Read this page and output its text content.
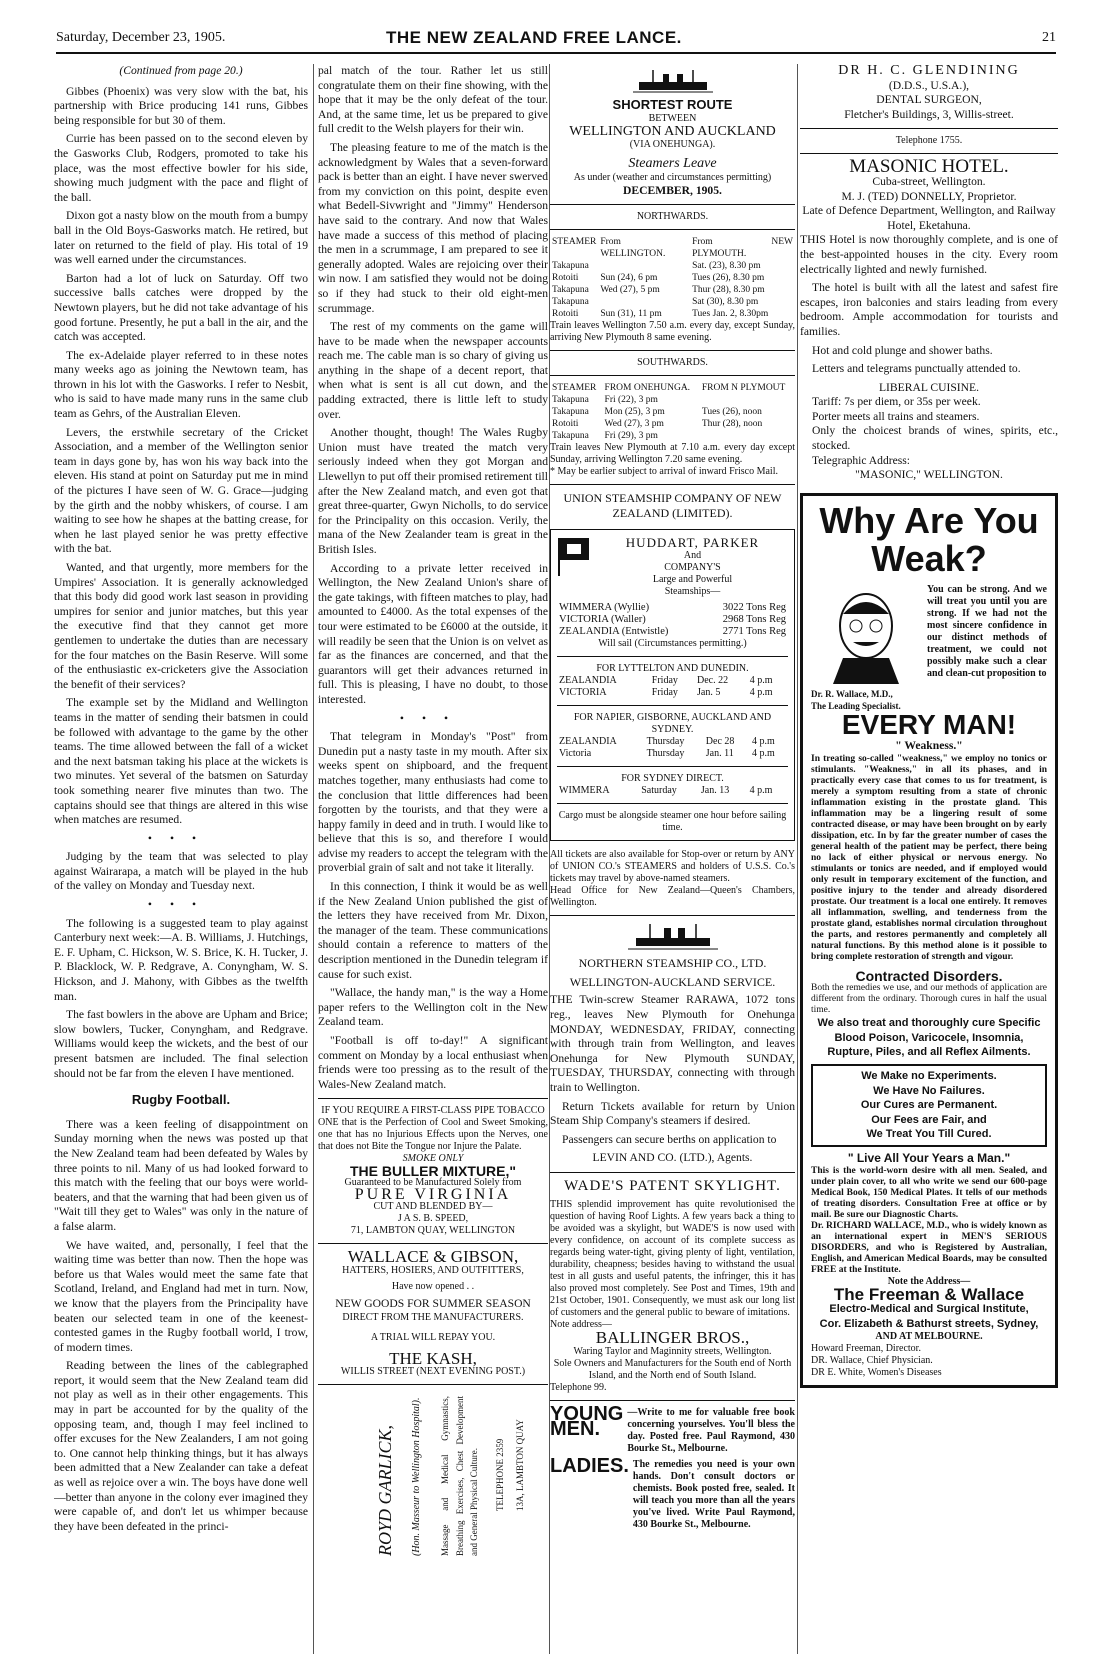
Saturday, December 23, 1905.	THE NEW ZEALAND FREE LANCE.	21
(Continued from page 20.)

Gibbes (Phoenix) was very slow with the bat, his partnership with Brice producing 141 runs, Gibbes being responsible for but 30 of them.

Currie has been passed on to the second eleven by the Gasworks Club, Rodgers, promoted to take his place, was the most effective bowler for his side, showing much judgment with the pace and flight of the ball.

Dixon got a nasty blow on the mouth from a bumpy ball in the Old Boys-Gasworks match. He retired, but later on returned to the field of play. His total of 19 was well earned under the circumstances.

Barton had a lot of luck on Saturday. Off two successive balls catches were dropped by the Newtown players, but he did not take advantage of his good fortune. Presently, he put a ball in the air, and the catch was accepted.

The ex-Adelaide player referred to in these notes many weeks ago as joining the Newtown team, has thrown in his lot with the Gasworks. I refer to Nesbit, who is said to have made many runs in the same club team as Gehrs, of the Australian Eleven.

Levers, the erstwhile secretary of the Cricket Association, and a member of the Wellington senior team in days gone by, has won his way back into the eleven. His stand at point on Saturday put me in mind of the pictures I have seen of W. G. Grace—judging by the girth and the nobby whiskers, of course. I am waiting to see how he shapes at the batting crease, for when he last played senior he was pretty effective with the bat.

Wanted, and that urgently, more members for the Umpires' Association. It is generally acknowledged that this body did good work last season in providing umpires for senior and junior matches, but this year the executive find that they cannot get more gentlemen to undertake the duties than are necessary for the four matches on the Basin Reserve. Will some of the enthusiastic ex-cricketers give the Association the benefit of their services?

The example set by the Midland and Wellington teams in the matter of sending their batsmen in could be followed with advantage to the game by the other teams. The time allowed between the fall of a wicket and the next batsman taking his place at the wickets is two minutes. Yet several of the batsmen on Saturday took something nearer five minutes than two. The captains should see that things are altered in this wise when matches are resumed.

•••

Judging by the team that was selected to play against Wairarapa, a match will be played in the hub of the valley on Monday and Tuesday next.

•••

The following is a suggested team to play against Canterbury next week:—A. B. Williams, J. Hutchings, E. F. Upham, C. Hickson, W. S. Brice, K. H. Tucker, J. P. Blacklock, W. P. Redgrave, A. Conyngham, W. S. Hickson, and J. Mahony, with Gibbes as the twelfth man.

The fast bowlers in the above are Upham and Brice; slow bowlers, Tucker, Conyngham, and Redgrave. Williams would keep the wickets, and the best of our present batsmen are included. The final selection should not be far from the eleven I have mentioned.

Rugby Football.

There was a keen feeling of disappointment on Sunday morning when the news was posted up that the New Zealand team had been defeated by Wales by three points to nil. Many of us had looked forward to this match with the feeling that our boys were world-beaters, and that the warning that had been given us of "Wait till they get to Wales" was only in the nature of a false alarm.

We have waited, and, personally, I feel that the waiting time was better than now. Then the hope was before us that Wales would meet the same fate that Scotland, Ireland, and England had met in turn. Now, we know that the players from the Principality have beaten our selected team in one of the keenest-contested games in the Rugby football world, I trow, of modern times.

Reading between the lines of the cablegraphed report, it would seem that the New Zealand team did not play as well as in their other engagements. This may in part be accounted for by the quality of the opposing team, and, though I may feel inclined to offer excuses for the New Zealanders, I am not going to. One cannot help thinking things, but it has always been admitted that a New Zealander can take a defeat as well as rejoice over a win. The boys have done well—better than anyone in the colony ever imagined they were capable of, and don't let us whimper because they have been defeated in the princi-

pal match of the tour. Rather let us still congratulate them on their fine showing, with the hope that it may be the only defeat of the tour. And, at the same time, let us be prepared to give full credit to the Welsh players for their win.

The pleasing feature to me of the match is the acknowledgment by Wales that a seven-forward pack is better than an eight. I have never swerved from my conviction on this point, despite even what Bedell-Sivwright and "Jimmy" Henderson have said to the contrary. And now that Wales have made a success of this method of placing the men in a scrummage, I am prepared to see it generally adopted. Wales are rejoicing over their win now. I am satisfied they would not be doing so if they had stuck to their old eight-men scrummage.

The rest of my comments on the game will have to be made when the newspaper accounts reach me. The cable man is so chary of giving us anything in the shape of a decent report, that when what is sent is all cut down, and the padding extracted, there is little left to study over.

Another thought, though! The Wales Rugby Union must have treated the match very seriously indeed when they got Morgan and Llewellyn to put off their promised retirement till after the New Zealand match, and even got that great three-quarter, Gwyn Nicholls, to do service for the Principality on this occasion. Verily, the mana of the New Zealander team is great in the British Isles.

According to a private letter received in Wellington, the New Zealand Union's share of the gate takings, with fifteen matches to play, had amounted to £4000. As the total expenses of the tour were estimated to be £6000 at the outside, it will readily be seen that the Union is on velvet as far as the finances are concerned, and that the guarantors will get their advances returned in full. This is pleasing, I have no doubt, to those interested.

•••

That telegram in Monday's "Post" from Dunedin put a nasty taste in my mouth. After six weeks spent on shipboard, and the frequent matches together, many enthusiasts had come to the conclusion that little differences had been forgotten by the tourists, and that they were a happy family in deed and in truth. I would like to believe that this is so, and therefore I would advise my readers to accept the telegram with the proverbial grain of salt and not take it literally.

In this connection, I think it would be as well if the New Zealand Union published the gist of the letters they have received from Mr. Dixon, the manager of the team. These communications should contain a reference to matters of the description mentioned in the Dunedin telegram if cause for such exist.

"Wallace, the handy man," is the way a Home paper refers to the Wellington colt in the New Zealand team.

"Football is off to-day!" A significant comment on Monday by a local enthusiast when friends were too pressing as to the result of the Wales-New Zealand match.

IF YOU REQUIRE A FIRST-CLASS PIPE TOBACCO
ONE that is the Perfection of Cool and Sweet Smoking, one that has no Injurious Effects upon the Nerves, one that does not Bite the Tongue nor Injure the Palate.
SMOKE ONLY
THE BULLER MIXTURE,"
Guaranteed to be Manufactured Solely from
PURE VIRGINIA
CUT AND BLENDED BY—
J A S. B. SPEED,
71, LAMBTON QUAY, WELLINGTON
WALLACE & GIBSON,
HATTERS, HOSIERS, AND OUTFITTERS,
Have now opened . .
NEW GOODS FOR SUMMER SEASON
DIRECT FROM THE MANUFACTURERS.
A TRIAL WILL REPAY YOU.
THE KASH,
WILLIS STREET (NEXT EVENING POST.)
ROYD GARLICK, (Hon. Masseur to Wellington Hospital). Massage and Medical Gymnastics, Breathing Exercises, Chest Development and General Physical Culture. TELEPHONE 2359 13A, LAMBTON QUAY
SHORTEST ROUTE
BETWEEN
WELLINGTON AND AUCKLAND
(VIA ONEHUNGA).
Steamers Leave
As under (weather and circumstances permitting)
DECEMBER, 1905.
NORTHWARDS.
STEAMER	From WELLINGTON.	From NEW PLYMOUTH.
Takapuna		Sat. (23), 8.30 pm
Rotoiti	Sun (24), 6 pm	Tues (26), 8.30 pm
Takapuna	Wed (27), 5 pm	Thur (28), 8.30 pm
Takapuna		Sat (30), 8.30 pm
Rotoiti	Sun (31), 11 pm	Tues Jan. 2, 8.30pm
Train leaves Wellington 7.50 a.m. every day, except Sunday, arriving New Plymouth 8 same evening.
SOUTHWARDS.
STEAMER	FROM ONEHUNGA.	FROM N PLYMOUT
Takapuna	Fri (22), 3 pm	
Takapuna	Mon (25), 3 pm	Tues (26), noon
Rotoiti	Wed (27), 3 pm	Thur (28), noon
Takapuna	Fri (29), 3 pm	
Train leaves New Plymouth at 7.10 a.m. every day except Sunday, arriving Wellington 7.20 same evening.
* May be earlier subject to arrival of inward Frisco Mail.
UNION STEAMSHIP COMPANY OF NEW ZEALAND (LIMITED).
HUDDART, PARKER
And
COMPANY'S
Large and Powerful
Steamships—
WIMMERA (Wyllie)	3022 Tons Reg
VICTORIA (Waller)	2968 Tons Reg
ZEALANDIA (Entwistle)	2771 Tons Reg
Will sail (Circumstances permitting.)
FOR LYTTELTON AND DUNEDIN.
ZEALANDIA	Friday	Dec. 22	4 p.m
VICTORIA	Friday	Jan. 5	4 p.m
FOR NAPIER, GISBORNE, AUCKLAND AND SYDNEY.
ZEALANDIA	Thursday	Dec 28	4 p.m
Victoria	Thursday	Jan. 11	4 p.m
FOR SYDNEY DIRECT.
WIMMERA	Saturday	Jan. 13	4 p.m
Cargo must be alongside steamer one hour before sailing time.
All tickets are also available for Stop-over or return by ANY of UNION CO.'s STEAMERS and holders of U.S.S. Co.'s tickets may travel by above-named steamers.
Head Office for New Zealand—Queen's Chambers, Wellington.
NORTHERN STEAMSHIP CO., LTD.
WELLINGTON-AUCKLAND SERVICE.

THE Twin-screw Steamer RARAWA, 1072 tons reg., leaves New Plymouth for Onehunga MONDAY, WEDNESDAY, FRIDAY, connecting with through train from Wellington, and leaves Onehunga for New Plymouth SUNDAY, TUESDAY, THURSDAY, connecting with through train to Wellington.

Return Tickets available for return by Union Steam Ship Company's steamers if desired.

Passengers can secure berths on application to

LEVIN AND CO. (LTD.), Agents.
WADE'S PATENT SKYLIGHT.
THIS splendid improvement has quite revolutionised the question of having Roof Lights. A few years back a thing to be avoided was a skylight, but WADE'S is now used with every confidence, on account of its complete success as regards being water-tight, giving plenty of light, ventilation, durability, cheapness; besides having to withstand the usual test in all gusts and useful patents, the infringer, this it has also proved most completely. See Post and Times, 19th and 21st October, 1901. Consequently, we must ask our long list of customers and the general public to beware of imitations.
Note address—
BALLINGER BROS.,
Waring Taylor and Maginnity streets, Wellington.
Sole Owners and Manufacturers for the South end of North Island, and the North end of South Island.
Telephone 99.
YOUNG MEN.
—Write to me for valuable free book concerning yourselves. You'll bless the day. Posted free. Paul Raymond, 430 Bourke St., Melbourne.
LADIES. The remedies you need is your own hands. Don't consult doctors or chemists. Book posted free, sealed. It will teach you more than all the years you've lived. Write Paul Raymond, 430 Bourke St., Melbourne.
DR H. C. GLENDINING
(D.D.S., U.S.A.),
DENTAL SURGEON,
Fletcher's Buildings, 3, Willis-street.
Telephone 1755.
MASONIC HOTEL.
Cuba-street, Wellington.
M. J. (TED) DONNELLY, Proprietor.
Late of Defence Department, Wellington, and Railway Hotel, Eketahuna.

THIS Hotel is now thoroughly complete, and is one of the best-appointed houses in the city. Every room electrically lighted and newly furnished.

The hotel is built with all the latest and safest fire escapes, iron balconies and stairs leading from every bedroom. Ample accommodation for tourists and families.

Hot and cold plunge and shower baths.

Letters and telegrams punctually attended to.

LIBERAL CUISINE.
Tariff: 7s per diem, or 35s per week.
Porter meets all trains and steamers.
Only the choicest brands of wines, spirits, etc., stocked.
Telegraphic Address:
"MASONIC," WELLINGTON.
Why Are You Weak?
Dr. R. Wallace, M.D.,
The Leading Specialist.
You can be strong. And we will treat you until you are strong. If we had not the most sincere confidence in our distinct methods of treatment, we could not possibly make such a clear and clean-cut proposition to
EVERY MAN!
" Weakness."
In treating so-called "weakness," we employ no tonics or stimulants. "Weakness," in all its phases, and in practically every case that comes to us for treatment, is merely a symptom resulting from a state of chronic inflammation existing in the prostate gland. This inflammation may be a lingering result of some contracted disease, or may have been brought on by early dissipation, etc. In by far the greater number of cases the general health of the patient may be perfect, there being no lack of either physical or nervous energy. No stimulants or tonics are needed, and if employed would only result in temporary excitement of the function, and positive injury to the tender and already disordered prostate. Our treatment is a local one entirely. It removes all inflammation, swelling, and tenderness from the prostate gland, establishes normal circulation throughout the parts, and restores permanently and completely all natural functions. By this method alone is it possible to bring complete restoration of strength and vigour.
Contracted Disorders.
Both the remedies we use, and our methods of application are different from the ordinary. Thorough cures in half the usual time.
We also treat and thoroughly cure Specific Blood Poison, Varicocele, Insomnia, Rupture, Piles, and all Reflex Ailments.
We Make no Experiments.
We Have No Failures.
Our Cures are Permanent.
Our Fees are Fair, and
We Treat You Till Cured.
" Live All Your Years a Man."
This is the world-worn desire with all men. Sealed, and under plain cover, to all who write we send our 600-page Medical Book, 150 Medical Plates. It tells of our methods of treating disorders. Consultation Free at office or by mail. Be sure our Diagnostic Charts.
Dr. RICHARD WALLACE, M.D., who is widely known as an international expert in MEN'S SERIOUS DISORDERS, and who is Registered by Australian, English, and American Medical Boards, may be consulted FREE at the Institute.
Note the Address—
The Freeman & Wallace
Electro-Medical and Surgical Institute,
Cor. Elizabeth & Bathurst streets, Sydney,
AND AT MELBOURNE.
Howard Freeman, Director.
DR. Wallace, Chief Physician.
DR E. White, Women's Diseases
